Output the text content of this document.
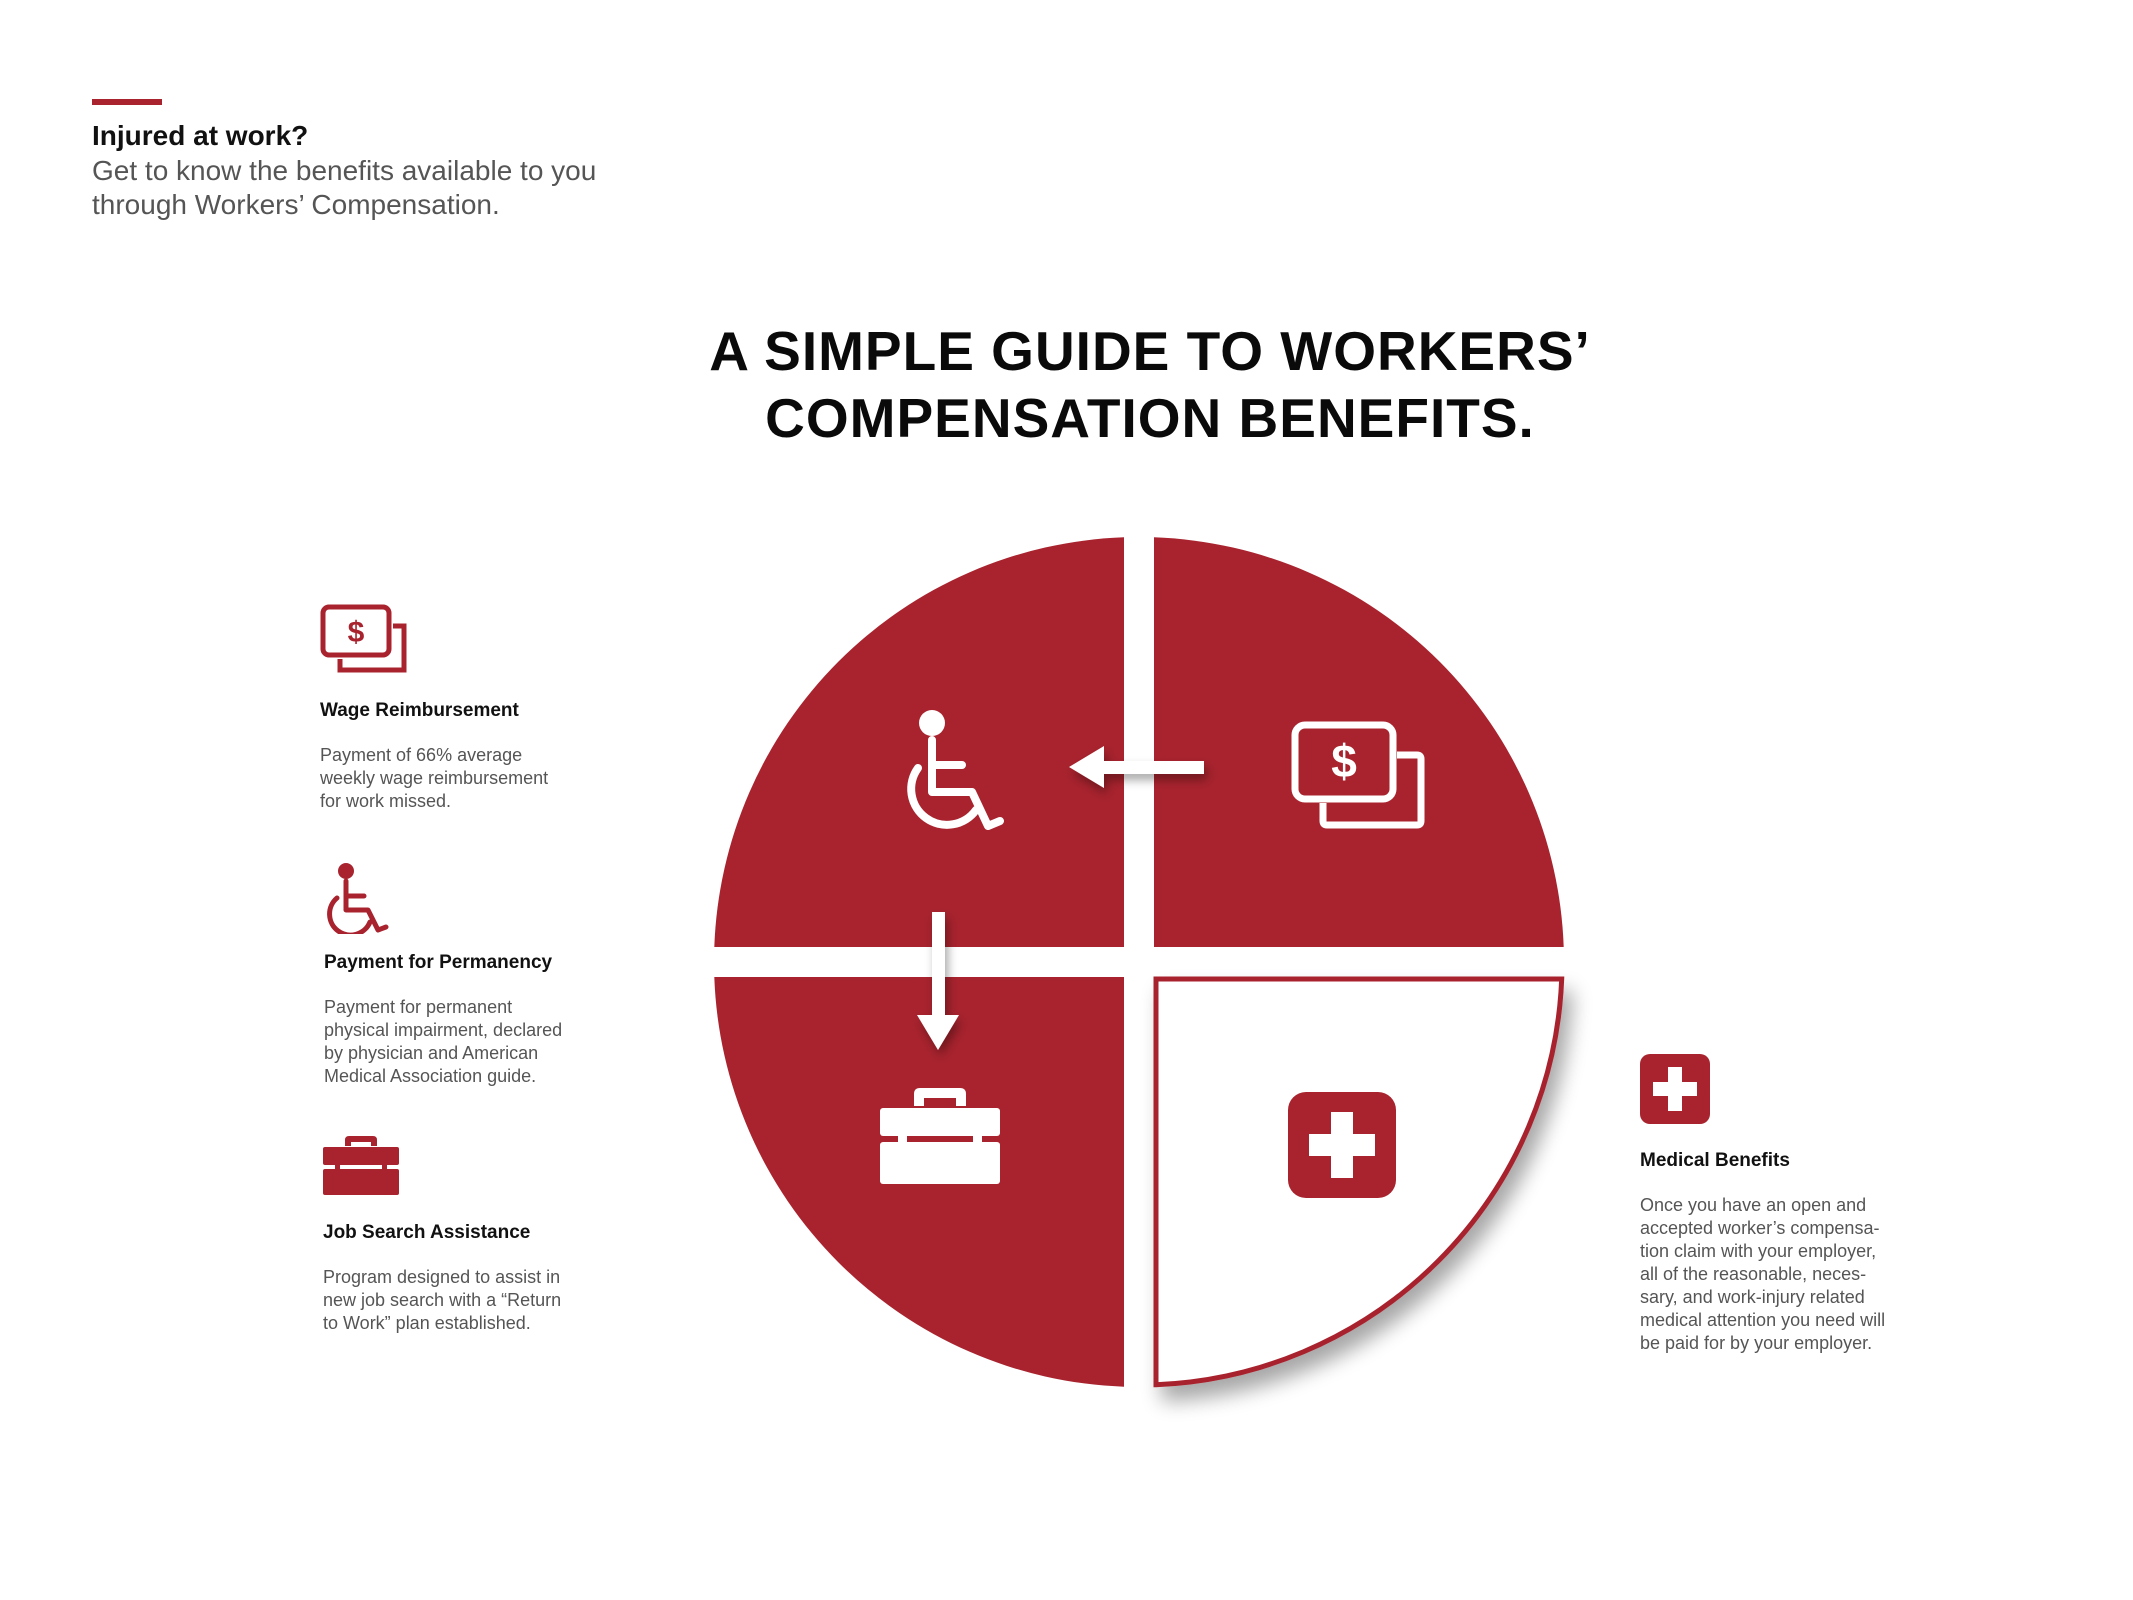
Injured at work?
Get to know the benefits available to you through Workers’ Compensation.
A SIMPLE GUIDE TO WORKERS’
COMPENSATION BENEFITS.
$
$
Wage Reimbursement
Payment of 66% average
weekly wage reimbursement
for work missed.
Payment for Permanency
Payment for permanent
physical impairment, declared
by physician and American
Medical Association guide.
Job Search Assistance
Program designed to assist in
new job search with a “Return
to Work” plan established.
Medical Benefits
Once you have an open and
accepted worker’s compensa-
tion claim with your employer,
all of the reasonable, neces-
sary, and work-injury related
medical attention you need will
be paid for by your employer.
